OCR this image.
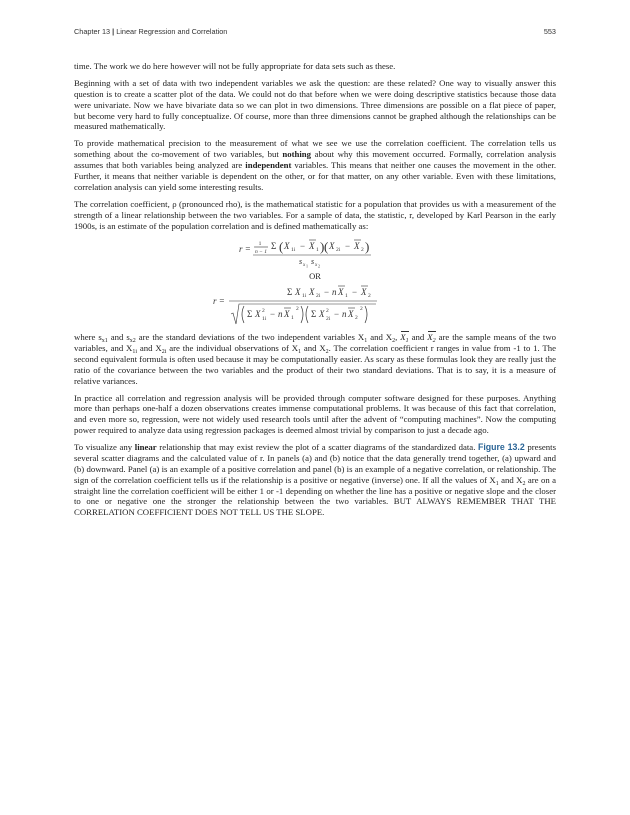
Chapter 13 | Linear Regression and Correlation	553

time. The work we do here however will not be fully appropriate for data sets such as these.

Beginning with a set of data with two independent variables we ask the question: are these related? One way to visually answer this question is to create a scatter plot of the data. We could not do that before when we were doing descriptive statistics because those data were univariate. Now we have bivariate data so we can plot in two dimensions. Three dimensions are possible on a flat piece of paper, but become very hard to fully conceptualize. Of course, more than three dimensions cannot be graphed although the relationships can be measured mathematically.

To provide mathematical precision to the measurement of what we see we use the correlation coefficient. The correlation tells us something about the co-movement of two variables, but nothing about why this movement occurred. Formally, correlation analysis assumes that both variables being analyzed are independent variables. This means that neither one causes the movement in the other. Further, it means that neither variable is dependent on the other, or for that matter, on any other variable. Even with these limitations, correlation analysis can yield some interesting results.

The correlation coefficient, ρ (pronounced rho), is the mathematical statistic for a population that provides us with a measurement of the strength of a linear relationship between the two variables. For a sample of data, the statistic, r, developed by Karl Pearson in the early 1900s, is an estimate of the population correlation and is defined mathematically as:

r = 1
n − 1
Σ ( X 1i − X 1 ) ( X 2i − X 2 )
s x 1 s x 2
OR
r =
Σ X 1i X 2i − n X 1 − X 2
Σ X 2
1i − n X 1
2 Σ X 2
2i − n X 2
2

where $s_{x1}$ and $s_{x2}$ are the standard deviations of the two independent variables $X_1$ and $X_2$, $X_1$ and $X_2$ are the sample means of the two variables, and $X_{1i}$ and $X_{2i}$ are the individual observations of $X_1$ and $X_2$. The correlation coefficient r ranges in value from -1 to 1. The second equivalent formula is often used because it may be computationally easier. As scary as these formulas look they are really just the ratio of the covariance between the two variables and the product of their two standard deviations. That is to say, it is a measure of relative variances.

In practice all correlation and regression analysis will be provided through computer software designed for these purposes. Anything more than perhaps one-half a dozen observations creates immense computational problems. It was because of this fact that correlation, and even more so, regression, were not widely used research tools until after the advent of “computing machines”. Now the computing power required to analyze data using regression packages is deemed almost trivial by comparison to just a decade ago.

To visualize any linear relationship that may exist review the plot of a scatter diagrams of the standardized data. Figure 13.2 presents several scatter diagrams and the calculated value of r. In panels (a) and (b) notice that the data generally trend together, (a) upward and (b) downward. Panel (a) is an example of a positive correlation and panel (b) is an example of a negative correlation, or relationship. The sign of the correlation coefficient tells us if the relationship is a positive or negative (inverse) one. If all the values of $X_1$ and $X_2$ are on a straight line the correlation coefficient will be either 1 or -1 depending on whether the line has a positive or negative slope and the closer to one or negative one the stronger the relationship between the two variables. BUT ALWAYS REMEMBER THAT THE CORRELATION COEFFICIENT DOES NOT TELL US THE SLOPE.
